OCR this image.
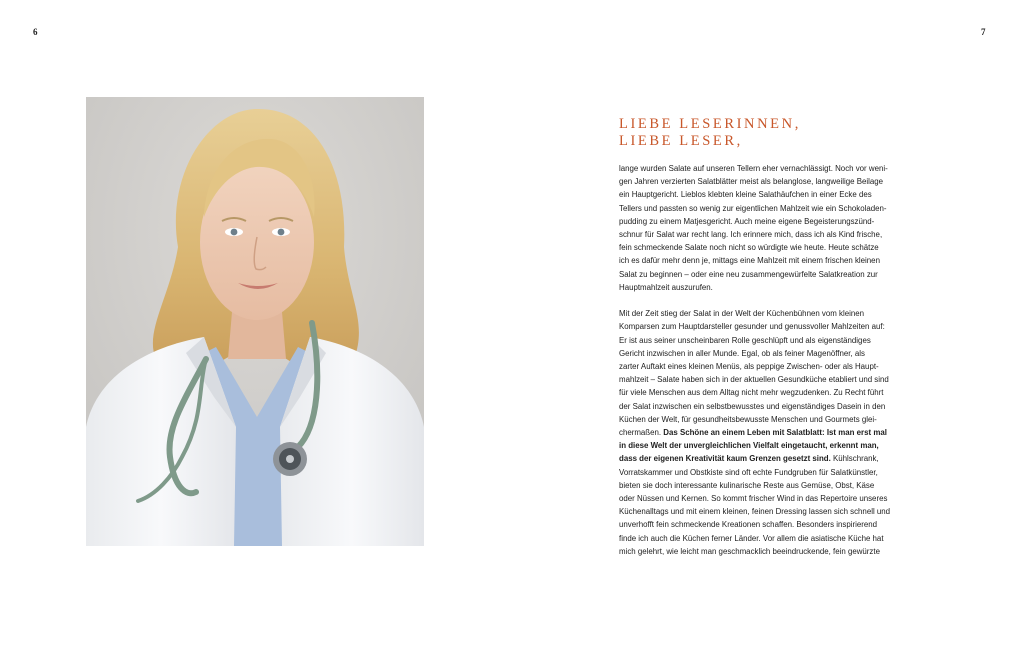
6	7
LIEBE LESERINNEN,
LIEBE LESER,
lange wurden Salate auf unseren Tellern eher vernachlässigt. Noch vor weni-
gen Jahren verzierten Salatblätter meist als belanglose, langweilige Beilage
ein Hauptgericht. Lieblos klebten kleine Salathäufchen in einer Ecke des
Tellers und passten so wenig zur eigentlichen Mahlzeit wie ein Schokoladen-
pudding zu einem Matjesgericht. Auch meine eigene Begeisterungszünd-
schnur für Salat war recht lang. Ich erinnere mich, dass ich als Kind frische,
fein schmeckende Salate noch nicht so würdigte wie heute. Heute schätze
ich es dafür mehr denn je, mittags eine Mahlzeit mit einem frischen kleinen
Salat zu beginnen – oder eine neu zusammengewürfelte Salatkreation zur
Hauptmahlzeit auszurufen.
Mit der Zeit stieg der Salat in der Welt der Küchenbühnen vom kleinen
Komparsen zum Hauptdarsteller gesunder und genussvoller Mahlzeiten auf:
Er ist aus seiner unscheinbaren Rolle geschlüpft und als eigenständiges
Gericht inzwischen in aller Munde. Egal, ob als feiner Magenöffner, als
zarter Auftakt eines kleinen Menüs, als peppige Zwischen- oder als Haupt-
mahlzeit – Salate haben sich in der aktuellen Gesundküche etabliert und sind
für viele Menschen aus dem Alltag nicht mehr wegzudenken. Zu Recht führt
der Salat inzwischen ein selbstbewusstes und eigenständiges Dasein in den
Küchen der Welt, für gesundheitsbewusste Menschen und Gourmets glei-
chermaßen. Das Schöne an einem Leben mit Salatblatt: Ist man erst mal
in diese Welt der unvergleichlichen Vielfalt eingetaucht, erkennt man,
dass der eigenen Kreativität kaum Grenzen gesetzt sind. Kühlschrank,
Vorratskammer und Obstkiste sind oft echte Fundgruben für Salatkünstler,
bieten sie doch interessante kulinarische Reste aus Gemüse, Obst, Käse
oder Nüssen und Kernen. So kommt frischer Wind in das Repertoire unseres
Küchenalltags und mit einem kleinen, feinen Dressing lassen sich schnell und
unverhofft fein schmeckende Kreationen schaffen. Besonders inspirierend
finde ich auch die Küchen ferner Länder. Vor allem die asiatische Küche hat
mich gelehrt, wie leicht man geschmacklich beeindruckende, fein gewürzte
